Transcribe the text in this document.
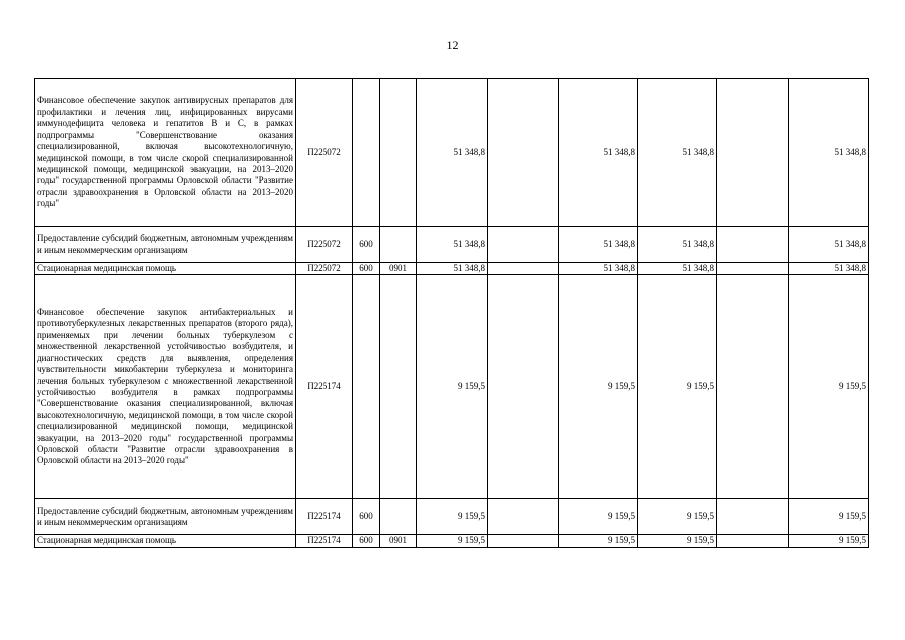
12
Финансовое обеспечение закупок антивирусных препаратов для профилактики и лечения лиц, инфицированных вирусами иммунодефицита человека и гепатитов В и С, в рамках подпрограммы "Совершенствование оказания специализированной, включая высокотехнологичную, медицинской помощи, в том числе скорой специализированной медицинской помощи, медицинской эвакуации, на 2013–2020 годы" государственной программы Орловской области "Развитие отрасли здравоохранения в Орловской области на 2013–2020 годы"	П225072			51 348,8		51 348,8	51 348,8		51 348,8
Предоставление субсидий бюджетным, автономным учреждениям и иным некоммерческим организациям	П225072	600		51 348,8		51 348,8	51 348,8		51 348,8
Стационарная медицинская помощь	П225072	600	0901	51 348,8		51 348,8	51 348,8		51 348,8
Финансовое обеспечение закупок антибактериальных и противотуберкулезных лекарственных препаратов (второго ряда), применяемых при лечении больных туберкулезом с множественной лекарственной устойчивостью возбудителя, и диагностических средств для выявления, определения чувствительности микобактерии туберкулеза и мониторинга лечения больных туберкулезом с множественной лекарственной устойчивостью возбудителя в рамках подпрограммы "Совершенствование оказания специализированной, включая высокотехнологичную, медицинской помощи, в том числе скорой специализированной медицинской помощи, медицинской эвакуации, на 2013–2020 годы" государственной программы Орловской области "Развитие отрасли здравоохранения в Орловской области на 2013–2020 годы"	П225174			9 159,5		9 159,5	9 159,5		9 159,5
Предоставление субсидий бюджетным, автономным учреждениям и иным некоммерческим организациям	П225174	600		9 159,5		9 159,5	9 159,5		9 159,5
Стационарная медицинская помощь	П225174	600	0901	9 159,5		9 159,5	9 159,5		9 159,5
